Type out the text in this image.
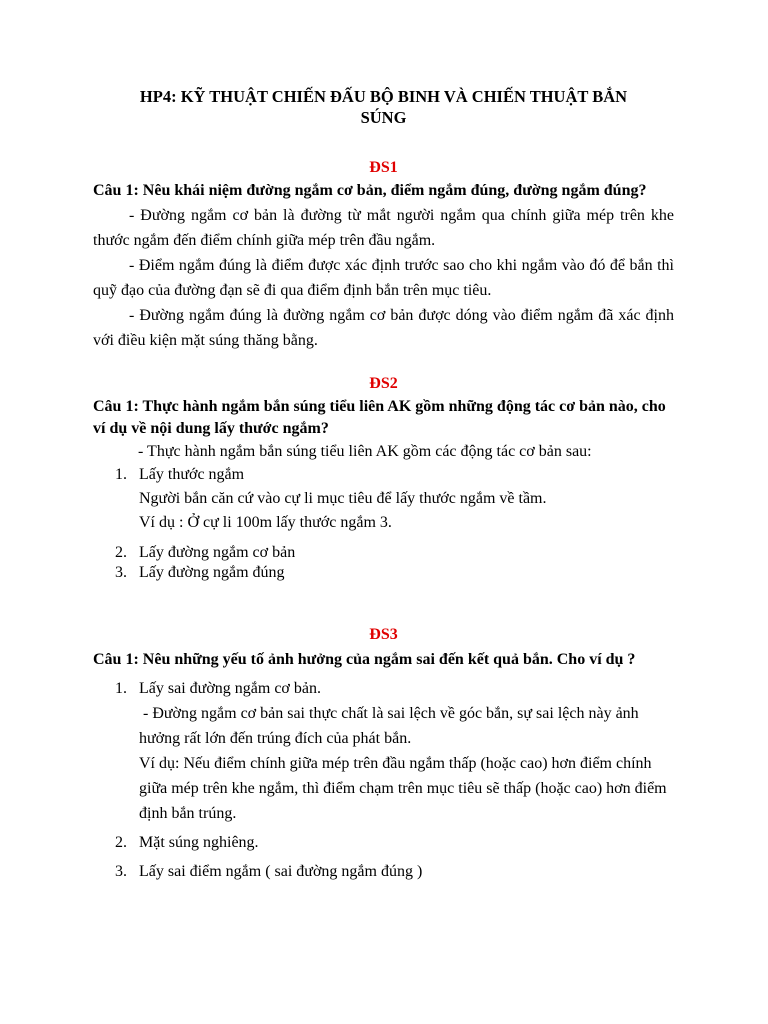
HP4: KỸ THUẬT CHIẾN ĐẤU BỘ BINH VÀ CHIẾN THUẬT BẮN SÚNG
ĐS1

Câu 1: Nêu khái niệm đường ngắm cơ bản, điểm ngắm đúng, đường ngắm đúng?

- Đường ngắm cơ bản là đường từ mắt người ngắm qua chính giữa mép trên khe thước ngắm đến điểm chính giữa mép trên đầu ngắm.

- Điểm ngắm đúng là điểm được xác định trước sao cho khi ngắm vào đó để bắn thì quỹ đạo của đường đạn sẽ đi qua điểm định bắn trên mục tiêu.

- Đường ngắm đúng là đường ngắm cơ bản được dóng vào điểm ngắm đã xác định với điều kiện mặt súng thăng bằng.

ĐS2

Câu 1: Thực hành ngắm bắn súng tiểu liên AK gồm những động tác cơ bản nào, cho ví dụ về nội dung lấy thước ngắm?

- Thực hành ngắm bắn súng tiểu liên AK gồm các động tác cơ bản sau:

1. Lấy thước ngắm

Người bắn căn cứ vào cự li mục tiêu để lấy thước ngắm về tầm.

Ví dụ : Ở cự li 100m lấy thước ngắm 3.

2. Lấy đường ngắm cơ bản
3. Lấy đường ngắm đúng
ĐS3

Câu 1: Nêu những yếu tố ảnh hưởng của ngắm sai đến kết quả bắn. Cho ví dụ ?

1. Lấy sai đường ngắm cơ bản.

- Đường ngắm cơ bản sai thực chất là sai lệch về góc bắn, sự sai lệch này ảnh hưởng rất lớn đến trúng đích của phát bắn.

Ví dụ: Nếu điểm chính giữa mép trên đầu ngắm thấp (hoặc cao) hơn điểm chính giữa mép trên khe ngắm, thì điểm chạm trên mục tiêu sẽ thấp (hoặc cao) hơn điểm định bắn trúng.

2. Mặt súng nghiêng.
3. Lấy sai điểm ngắm ( sai đường ngắm đúng )
